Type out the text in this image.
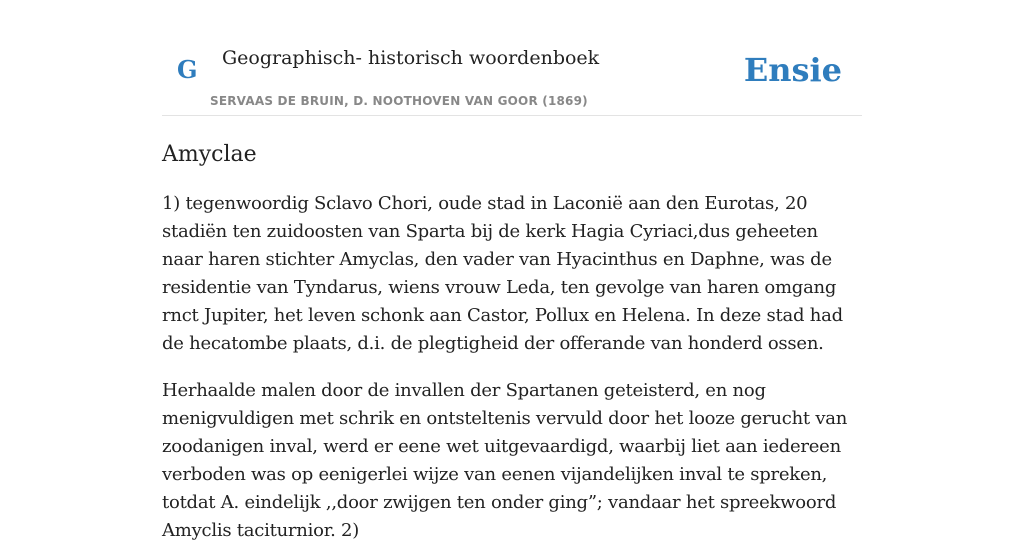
G Geographisch- historisch woordenboek
SERVAAS DE BRUIN, D. NOOTHOVEN VAN GOOR (1869)
Ensie
Amyclae

1) tegenwoordig Sclavo Chori, oude stad in Laconië aan den Eurotas, 20 stadiën ten zuidoosten van Sparta bij de kerk Hagia Cyriaci,dus geheeten naar haren stichter Amyclas, den vader van Hyacinthus en Daphne, was de residentie van Tyndarus, wiens vrouw Leda, ten gevolge van haren omgang rnct Jupiter, het leven schonk aan Castor, Pollux en Helena. In deze stad had de hecatombe plaats, d.i. de plegtigheid der offerande van honderd ossen.

Herhaalde malen door de invallen der Spartanen geteisterd, en nog menigvuldigen met schrik en ontsteltenis vervuld door het looze gerucht van zoodanigen inval, werd er eene wet uitgevaardigd, waarbij liet aan iedereen verboden was op eenigerlei wijze van eenen vijandelijken inval te spreken, totdat A. eindelijk ,,door zwijgen ten onder ging”; vandaar het spreekwoord Amyclis taciturnior. 2)
